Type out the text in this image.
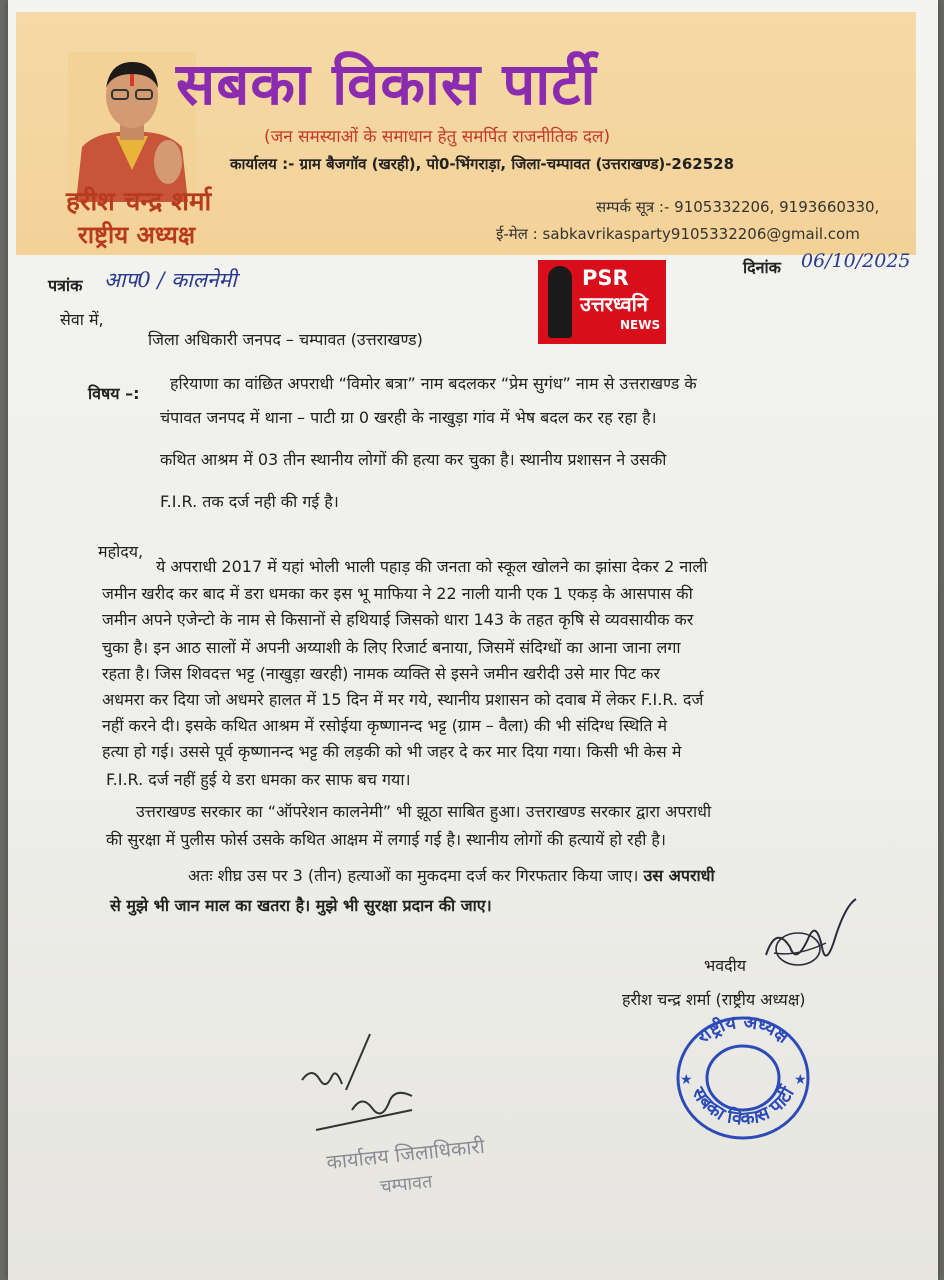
सबका विकास पार्टी
(जन समस्याओं के समाधान हेतु समर्पित राजनीतिक दल)
कार्यालय :- ग्राम बैजगॉव (खरही), पो0-भिंगराड़ा, जिला-चम्पावत (उत्तराखण्ड)-262528
हरीश चन्द्र शर्मा
राष्ट्रीय अध्यक्ष
सम्पर्क सूत्र :- 9105332206, 9193660330,
ई-मेल : sabkavrikasparty9105332206@gmail.com
पत्रांक आप0 / कालनेमी
दिनांक 06/10/2025
PSR
उत्तरध्वनि
NEWS
सेवा में,
जिला अधिकारी जनपद – चम्पावत (उत्तराखण्ड)
विषय –:
हरियाणा का वांछित अपराधी “विमोर बत्रा” नाम बदलकर “प्रेम सुगंध” नाम से उत्तराखण्ड के
चंपावत जनपद में थाना – पाटी ग्रा 0 खरही के नाखुड़ा गांव में भेष बदल कर रह रहा है।
कथित आश्रम में 03 तीन स्थानीय लोगों की हत्या कर चुका है। स्थानीय प्रशासन ने उसकी
F.I.R. तक दर्ज नही की गई है।
महोदय,
ये अपराधी 2017 में यहां भोली भाली पहाड़ की जनता को स्कूल खोलने का झांसा देकर 2 नाली
जमीन खरीद कर बाद में डरा धमका कर इस भू माफिया ने 22 नाली यानी एक 1 एकड़ के आसपास की
जमीन अपने एजेन्टो के नाम से किसानों से हथियाई जिसको धारा 143 के तहत कृषि से व्यवसायीक कर
चुका है। इन आठ सालों में अपनी अय्याशी के लिए रिजार्ट बनाया, जिसमें संदिग्धों का आना जाना लगा
रहता है। जिस शिवदत्त भट्ट (नाखुड़ा खरही) नामक व्यक्ति से इसने जमीन खरीदी उसे मार पिट कर
अधमरा कर दिया जो अधमरे हालत में 15 दिन में मर गये, स्थानीय प्रशासन को दवाब में लेकर F.I.R. दर्ज
नहीं करने दी। इसके कथित आश्रम में रसोईया कृष्णानन्द भट्ट (ग्राम – वैला) की भी संदिग्ध स्थिति मे
हत्या हो गई। उससे पूर्व कृष्णानन्द भट्ट की लड़की को भी जहर दे कर मार दिया गया। किसी भी केस मे
F.I.R. दर्ज नहीं हुई ये डरा धमका कर साफ बच गया।
उत्तराखण्ड सरकार का “ऑपरेशन कालनेमी” भी झूठा साबित हुआ। उत्तराखण्ड सरकार द्वारा अपराधी
की सुरक्षा में पुलीस फोर्स उसके कथित आक्षम में लगाई गई है। स्थानीय लोगों की हत्यायें हो रही है।
अतः शीघ्र उस पर 3 (तीन) हत्याओं का मुकदमा दर्ज कर गिरफतार किया जाए। उस अपराधी
से मुझे भी जान माल का खतरा है। मुझे भी सुरक्षा प्रदान की जाए।
भवदीय
हरीश चन्द्र शर्मा (राष्ट्रीय अध्यक्ष)
राष्ट्रीय अध्यक्ष
सबका विकास पार्टी
★	★
कार्यालय जिलाधिकारी
चम्पावत
